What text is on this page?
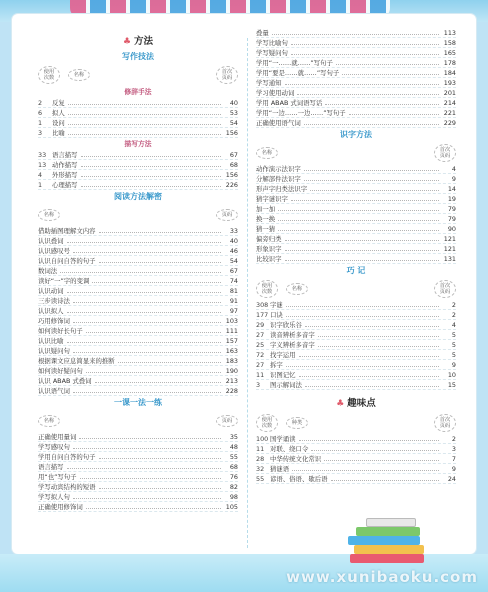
♣ 方法
写作技法
使用次数	名称	首次页码
修辞手法
2	反复	40
6	拟人	53
1	设问	54
3	比喻	156
描写方法
33 语言描写	67
13 动作描写	68
4	外形描写	156
1	心理描写	226
阅读方法解密
名称	页码
借助插图理解文内容	33
认识叠词	40
认识感叹号	46
认识自问自答的句子	54
数词法	67
读好“一”字的变调	74
认识动词	81
三步读诗法	91
认识拟人	97
巧用修饰词	103
如何读好长句子	111
认识比喻	157
认识疑问句	163
根据课文应息简显来的推断	183
如何读好疑问句	190
认识 ABAB 式叠词	213
认识语气词	228
一课一法一练
名称	页码
正确使用量词	35
学写感叹句	48
学用自问自答的句子	55
语言描写	68
用“也”写句子	76
学写动宾结构的短语	82
学写拟人句	98
正确使用修饰词	105
叠量	113
学写比喻句	158
学写疑问句	165
学用“一……就……”写句子	178
学用“要是……就……”写句子	184
学写通知	193
学习使用动词	201
学用 ABAB 式词语写话	214
学用“一边……一边……”写句子	221
正确使用语气词	229
识字方法
名称	首次页码
动作演示法识字	4
分解部件法识字	9
形声字归类法识字	14
猜字谜识字	19
加一加	79
换一换	79
猜一猜	90
偏旁归类	121
形象识字	121
比较识字	131
巧 记
使用次数	名称	首次页码
308 字谜	2
177 口诀	2
29 识字欣乐谷	4
27 读音辨析多音字	5
25 字义辨析多音字	5
72 找字运用	5
27 拆字	9
11 识图记忆	10
3	图示解词法	15
♣ 趣味点
使用次数	种类	首次页码
100 国学诵读	2
11 对联、绕口令	3
28 中华传统文化常识	7
32 猜谜语	9
55 谚语、俗语、歇后语	24
www.xunibaoku.com
